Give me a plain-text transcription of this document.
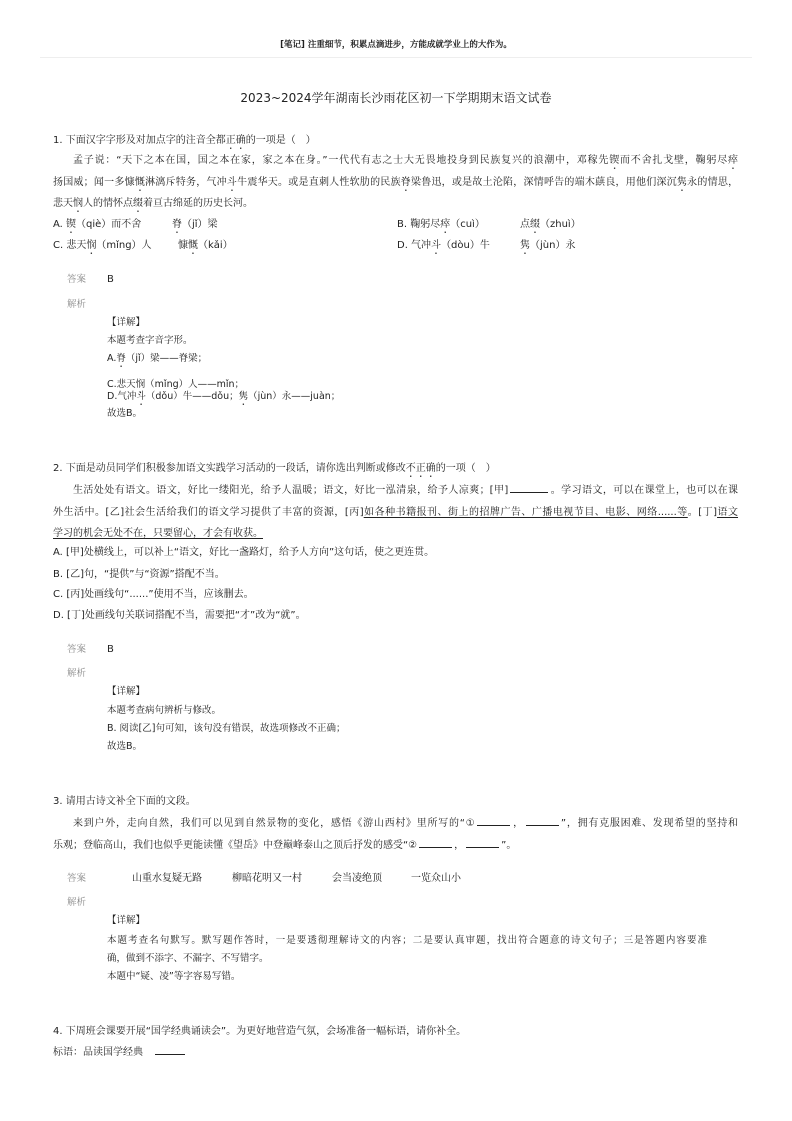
[笔记] 注重细节，积累点滴进步，方能成就学业上的大作为。
2023~2024学年湖南长沙雨花区初一下学期期末语文试卷
1. 下面汉字字形及对加点字的注音全都正确的一项是（　）
孟子说：“天下之本在国，国之本在家，家之本在身。”一代代有志之士大无畏地投身到民族复兴的浪潮中，邓稼先锲而不舍扎戈壁，鞠躬尽瘁
扬国威；闻一多慷慨淋漓斥特务，气冲斗牛震华天。或是直刺人性软肋的民族脊梁鲁迅，或是故土沦陷，深情呼告的端木蕻良，用他们深沉隽永的情思，
悲天悯人的情怀点缀着亘古绵延的历史长河。
A. 锲（qiè）而不舍	脊（jǐ）梁	B. 鞠躬尽瘁（cuì）	点缀（zhuì）
C. 悲天悯（mǐng）人	慷慨（kǎi）	D. 气冲斗（dòu）牛	隽（jùn）永
答案 B
解析
【详解】
本题考查字音字形。
A.脊（jǐ）梁——脊梁；
C.悲天悯（mǐng）人——mǐn；
D.气冲斗（dǒu）牛——dǒu；隽（jùn）永——juàn；
故选B。
2. 下面是动员同学们积极参加语文实践学习活动的一段话，请你选出判断或修改不正确的一项（　）
生活处处有语文。语文，好比一缕阳光，给予人温暖；语文，好比一泓清泉，给予人凉爽；[甲]	。学习语文，可以在课堂上，也可以在课
外生活中。[乙]社会生活给我们的语文学习提供了丰富的资源，[丙]如各种书籍报刊、街上的招牌广告、广播电视节目、电影、网络......等。[丁]语文
学习的机会无处不在，只要留心，才会有收获。
A. [甲]处横线上，可以补上“语文，好比一盏路灯，给予人方向”这句话，使之更连贯。
B. [乙]句，“提供”与“资源”搭配不当。
C. [丙]处画线句“......”使用不当，应该删去。
D. [丁]处画线句关联词搭配不当，需要把“才”改为“就”。
答案 B
解析
【详解】
本题考查病句辨析与修改。
B. 阅读[乙]句可知，该句没有错误，故选项修改不正确；
故选B。
3. 请用古诗文补全下面的文段。
来到户外，走向自然，我们可以见到自然景物的变化，感悟《游山西村》里所写的“①	，	”，拥有克服困难、发现希望的坚持和
乐观；登临高山，我们也似乎更能读懂《望岳》中登巅峰泰山之顶后抒发的感受“②	，	”。
答案	山重水复疑无路	柳暗花明又一村	会当凌绝顶	一览众山小
解析
【详解】
本题考查名句默写。默写题作答时，一是要透彻理解诗文的内容；二是要认真审题，找出符合题意的诗文句子；三是答题内容要准
确，做到不添字、不漏字、不写错字。
本题中“疑、凌”等字容易写错。
4. 下周班会课要开展“国学经典诵读会”。为更好地营造气氛，会场准备一幅标语，请你补全。
标语：品读国学经典
